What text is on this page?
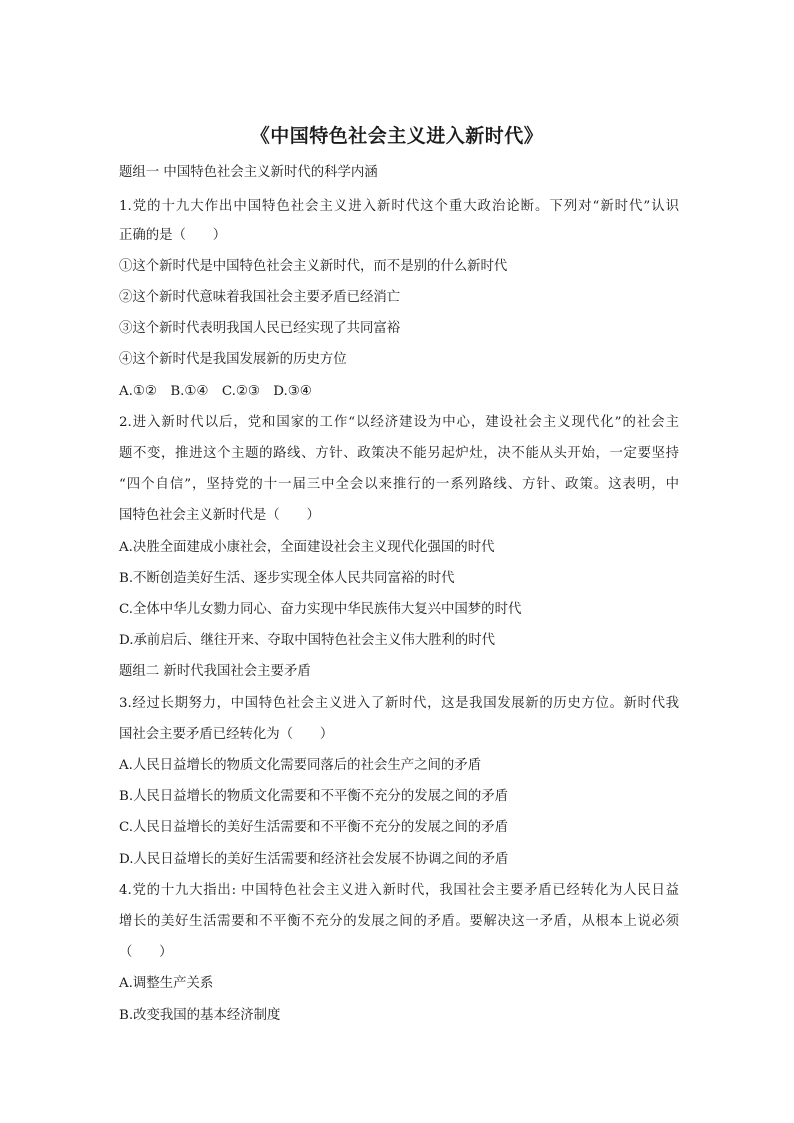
《中国特色社会主义进入新时代》
题组一 中国特色社会主义新时代的科学内涵
1.党的十九大作出中国特色社会主义进入新时代这个重大政治论断。下列对“新时代”认识
正确的是（　　）
①这个新时代是中国特色社会主义新时代，而不是别的什么新时代
②这个新时代意味着我国社会主要矛盾已经消亡
③这个新时代表明我国人民已经实现了共同富裕
④这个新时代是我国发展新的历史方位
A.①②　B.①④　C.②③　D.③④
2.进入新时代以后，党和国家的工作“以经济建设为中心，建设社会主义现代化”的社会主
题不变，推进这个主题的路线、方针、政策决不能另起炉灶，决不能从头开始，一定要坚持
“四个自信”，坚持党的十一届三中全会以来推行的一系列路线、方针、政策。这表明，中
国特色社会主义新时代是（　　）
A.决胜全面建成小康社会，全面建设社会主义现代化强国的时代
B.不断创造美好生活、逐步实现全体人民共同富裕的时代
C.全体中华儿女勠力同心、奋力实现中华民族伟大复兴中国梦的时代
D.承前启后、继往开来、夺取中国特色社会主义伟大胜利的时代
题组二 新时代我国社会主要矛盾
3.经过长期努力，中国特色社会主义进入了新时代，这是我国发展新的历史方位。新时代我
国社会主要矛盾已经转化为（　　）
A.人民日益增长的物质文化需要同落后的社会生产之间的矛盾
B.人民日益增长的物质文化需要和不平衡不充分的发展之间的矛盾
C.人民日益增长的美好生活需要和不平衡不充分的发展之间的矛盾
D.人民日益增长的美好生活需要和经济社会发展不协调之间的矛盾
4.党的十九大指出: 中国特色社会主义进入新时代，我国社会主要矛盾已经转化为人民日益
增长的美好生活需要和不平衡不充分的发展之间的矛盾。要解决这一矛盾，从根本上说必须
（　　）
A.调整生产关系
B.改变我国的基本经济制度
